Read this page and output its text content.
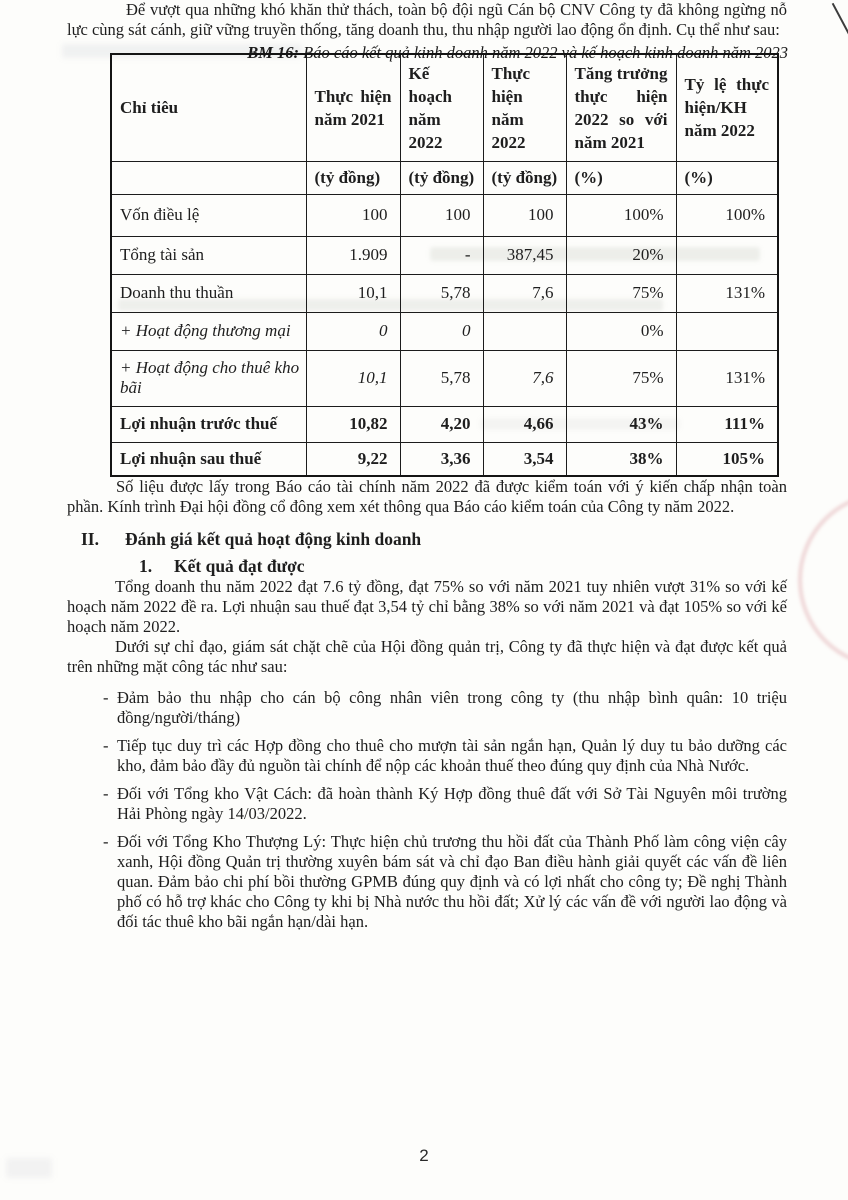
BM 16: Báo cáo kết quả kinh doanh năm 2022 và kế hoạch kinh doanh năm 2023

Để vượt qua những khó khăn thử thách, toàn bộ đội ngũ Cán bộ CNV Công ty đã không ngừng nỗ lực cùng sát cánh, giữ vững truyền thống, tăng doanh thu, thu nhập người lao động ổn định. Cụ thể như sau:

Chỉ tiêu	Thực hiện năm 2021	Kế hoạch năm 2022	Thực hiện năm 2022	Tăng trưởng thực hiện 2022 so với năm 2021	Tỷ lệ thực hiện/KH năm 2022
	(tỷ đồng)	(tỷ đồng)	(tỷ đồng)	(%)	(%)
Vốn điều lệ	100	100	100	100%	100%
Tổng tài sản	1.909	-	387,45	20%	
Doanh thu thuần	10,1	5,78	7,6	75%	131%
+ Hoạt động thương mại	0	0		0%	
+ Hoạt động cho thuê kho bãi	10,1	5,78	7,6	75%	131%
Lợi nhuận trước thuế	10,82	4,20	4,66	43%	111%
Lợi nhuận sau thuế	9,22	3,36	3,54	38%	105%

Số liệu được lấy trong Báo cáo tài chính năm 2022 đã được kiểm toán với ý kiến chấp nhận toàn phần. Kính trình Đại hội đồng cổ đông xem xét thông qua Báo cáo kiểm toán của Công ty năm 2022.

II.	Đánh giá kết quả hoạt động kinh doanh
1.	Kết quả đạt được

Tổng doanh thu năm 2022 đạt 7.6 tỷ đồng, đạt 75% so với năm 2021 tuy nhiên vượt 31% so với kế hoạch năm 2022 đề ra. Lợi nhuận sau thuế đạt 3,54 tỷ chỉ bằng 38% so với năm 2021 và đạt 105% so với kế hoạch năm 2022.

Dưới sự chỉ đạo, giám sát chặt chẽ của Hội đồng quản trị, Công ty đã thực hiện và đạt được kết quả trên những mặt công tác như sau:

- Đảm bảo thu nhập cho cán bộ công nhân viên trong công ty (thu nhập bình quân: 10 triệu đồng/người/tháng)
- Tiếp tục duy trì các Hợp đồng cho thuê cho mượn tài sản ngắn hạn, Quản lý duy tu bảo dưỡng các kho, đảm bảo đầy đủ nguồn tài chính để nộp các khoản thuế theo đúng quy định của Nhà Nước.
- Đối với Tổng kho Vật Cách: đã hoàn thành Ký Hợp đồng thuê đất với Sở Tài Nguyên môi trường Hải Phòng ngày 14/03/2022.
- Đối với Tổng Kho Thượng Lý: Thực hiện chủ trương thu hồi đất của Thành Phố làm công viện cây xanh, Hội đồng Quản trị thường xuyên bám sát và chỉ đạo Ban điều hành giải quyết các vấn đề liên quan. Đảm bảo chi phí bồi thường GPMB đúng quy định và có lợi nhất cho công ty; Đề nghị Thành phố có hỗ trợ khác cho Công ty khi bị Nhà nước thu hồi đất; Xử lý các vấn đề với người lao động và đối tác thuê kho bãi ngắn hạn/dài hạn.
2
